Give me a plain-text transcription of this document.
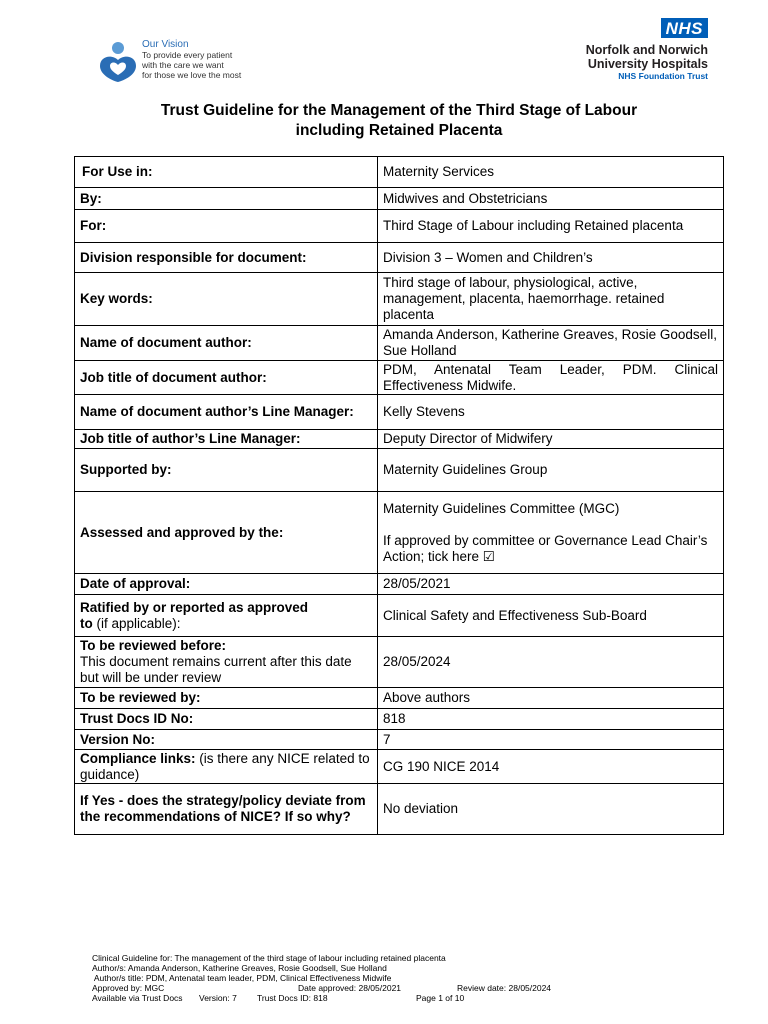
Our Vision
To provide every patient
with the care we want
for those we love the most
NHS
Norfolk and Norwich
University Hospitals
NHS Foundation Trust
Trust Guideline for the Management of the Third Stage of Labour
including Retained Placenta
For Use in:	Maternity Services
By:	Midwives and Obstetricians
For:	Third Stage of Labour including Retained placenta
Division responsible for document:	Division 3 – Women and Children’s
Key words:	Third stage of labour, physiological, active, management, placenta, haemorrhage. retained placenta
Name of document author:	Amanda Anderson, Katherine Greaves, Rosie Goodsell, Sue Holland
Job title of document author:	PDM, Antenatal Team Leader, PDM. Clinical Effectiveness Midwife.
Name of document author’s Line Manager:	Kelly Stevens
Job title of author’s Line Manager:	Deputy Director of Midwifery
Supported by:	Maternity Guidelines Group
Assessed and approved by the:	Maternity Guidelines Committee (MGC)
If approved by committee or Governance Lead Chair’s Action; tick here ☑

Date of approval:	28/05/2021

Ratified by or reported as approved
to (if applicable):	Clinical Safety and Effectiveness Sub-Board

To be reviewed before:
This document remains current after this date but will be under review	28/05/2024
To be reviewed by:	Above authors
Trust Docs ID No:	818
Version No:	7
Compliance links: (is there any NICE related to guidance)	CG 190 NICE 2014
If Yes - does the strategy/policy deviate from the recommendations of NICE? If so why?	No deviation
Clinical Guideline for: The management of the third stage of labour including retained placenta
Author/s: Amanda Anderson, Katherine Greaves, Rosie Goodsell, Sue Holland
Author/s title: PDM, Antenatal team leader, PDM, Clinical Effectiveness Midwife
Approved by: MGC	Date approved: 28/05/2021	Review date: 28/05/2024
Available via Trust Docs	Version: 7	Trust Docs ID: 818	Page 1 of 10
